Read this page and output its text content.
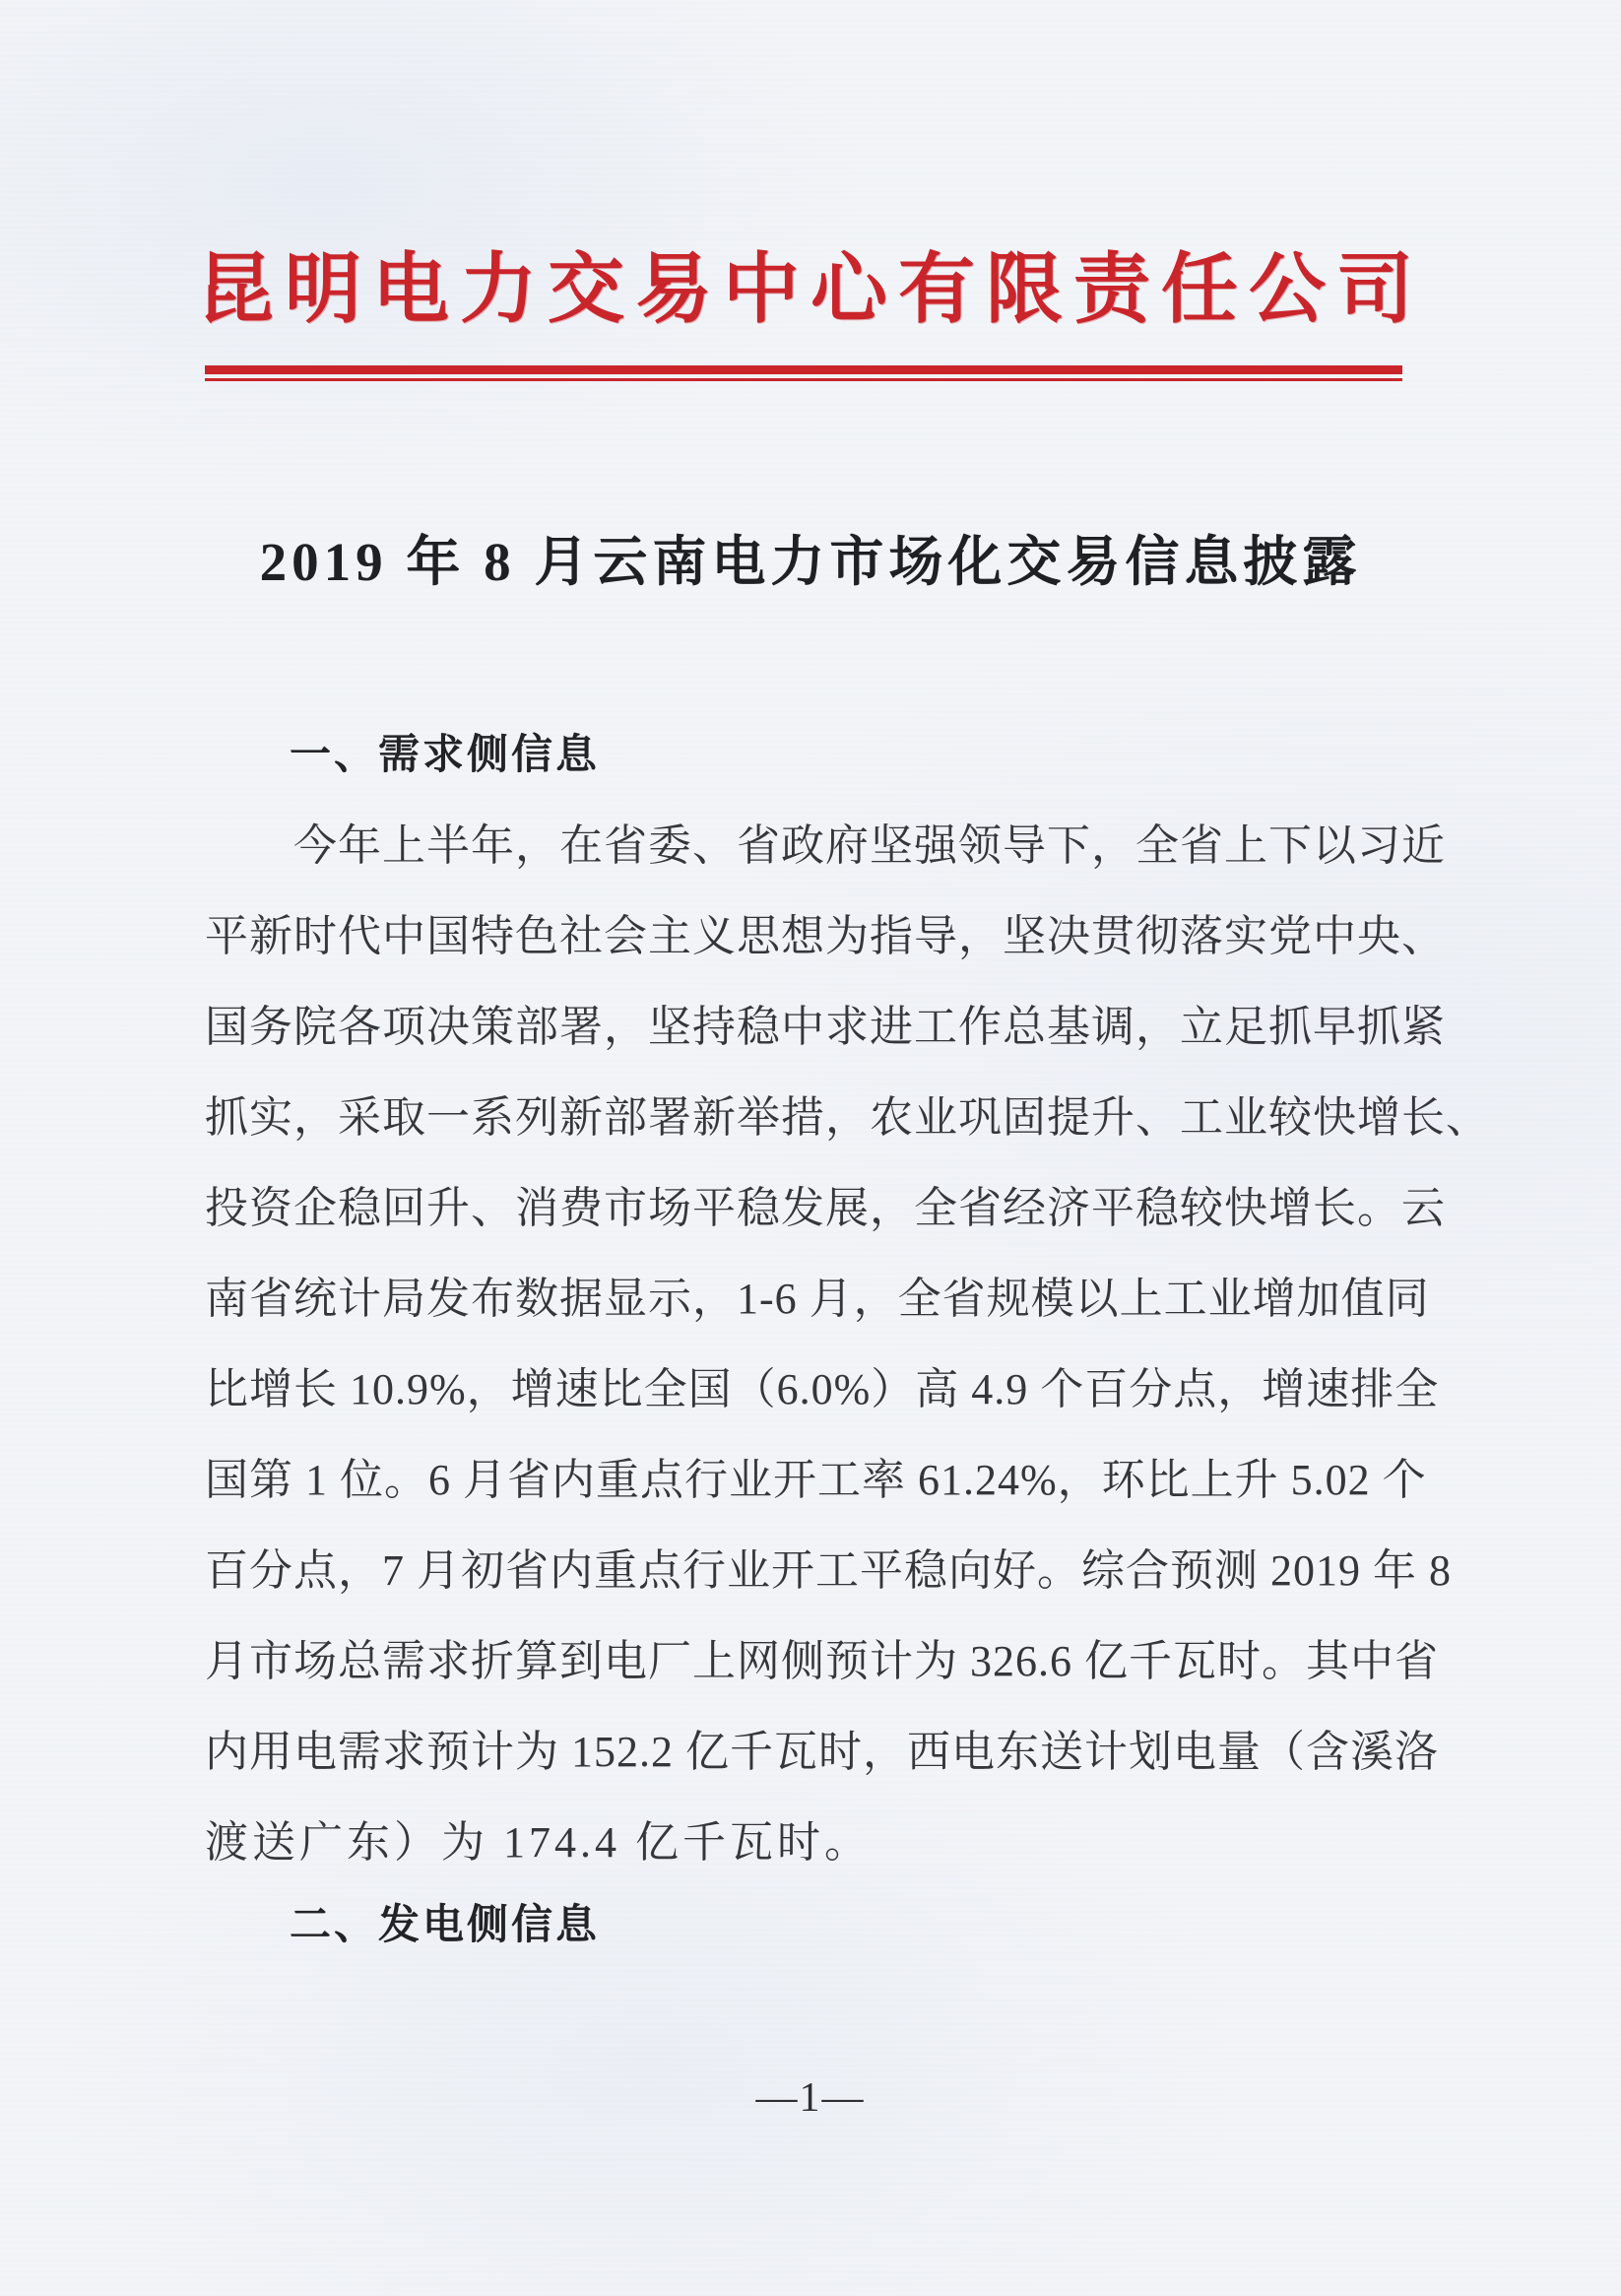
昆明电力交易中心有限责任公司
2019 年 8 月云南电力市场化交易信息披露
一、需求侧信息
今年上半年，在省委、省政府坚强领导下，全省上下以习近
平新时代中国特色社会主义思想为指导，坚决贯彻落实党中央、
国务院各项决策部署，坚持稳中求进工作总基调，立足抓早抓紧
抓实，采取一系列新部署新举措，农业巩固提升、工业较快增长、
投资企稳回升、消费市场平稳发展，全省经济平稳较快增长。云
南省统计局发布数据显示，1-6 月，全省规模以上工业增加值同
比增长 10.9%，增速比全国（6.0%）高 4.9 个百分点，增速排全
国第 1 位。6 月省内重点行业开工率 61.24%，环比上升 5.02 个
百分点，7 月初省内重点行业开工平稳向好。综合预测 2019 年 8
月市场总需求折算到电厂上网侧预计为 326.6 亿千瓦时。其中省
内用电需求预计为 152.2 亿千瓦时，西电东送计划电量（含溪洛
渡送广东）为 174.4 亿千瓦时。
二、发电侧信息
—1—
